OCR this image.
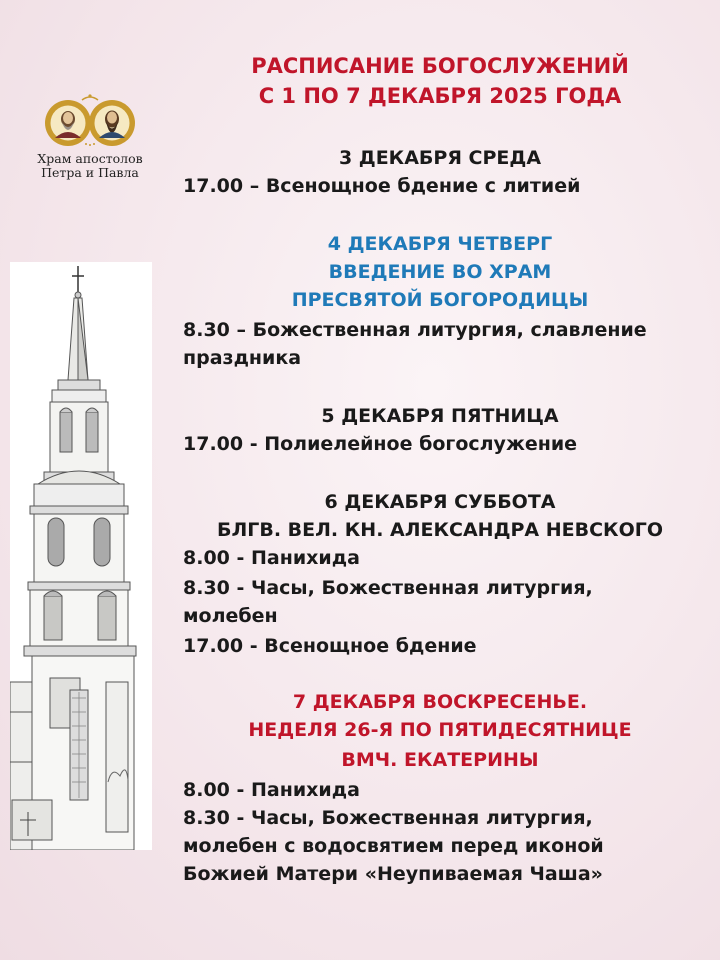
Храм апостолов
Петра и Павла
РАСПИСАНИЕ БОГОСЛУЖЕНИЙ
С 1 ПО 7 ДЕКАБРЯ 2025 ГОДА
3 ДЕКАБРЯ СРЕДА
17.00 – Всенощное бдение с литией
4 ДЕКАБРЯ ЧЕТВЕРГ
ВВЕДЕНИЕ ВО ХРАМ
ПРЕСВЯТОЙ БОГОРОДИЦЫ
8.30 – Божественная литургия, славление
праздника
5 ДЕКАБРЯ ПЯТНИЦА
17.00 - Полиелейное богослужение
6 ДЕКАБРЯ СУББОТА
БЛГВ. ВЕЛ. КН. АЛЕКСАНДРА НЕВСКОГО
8.00 - Панихида
8.30 - Часы, Божественная литургия,
молебен
17.00 - Всенощное бдение
7 ДЕКАБРЯ ВОСКРЕСЕНЬЕ.
НЕДЕЛЯ 26-Я ПО ПЯТИДЕСЯТНИЦЕ
ВМЧ. ЕКАТЕРИНЫ
8.00 - Панихида
8.30 - Часы, Божественная литургия,
молебен с водосвятием перед иконой
Божией Матери «Неупиваемая Чаша»
